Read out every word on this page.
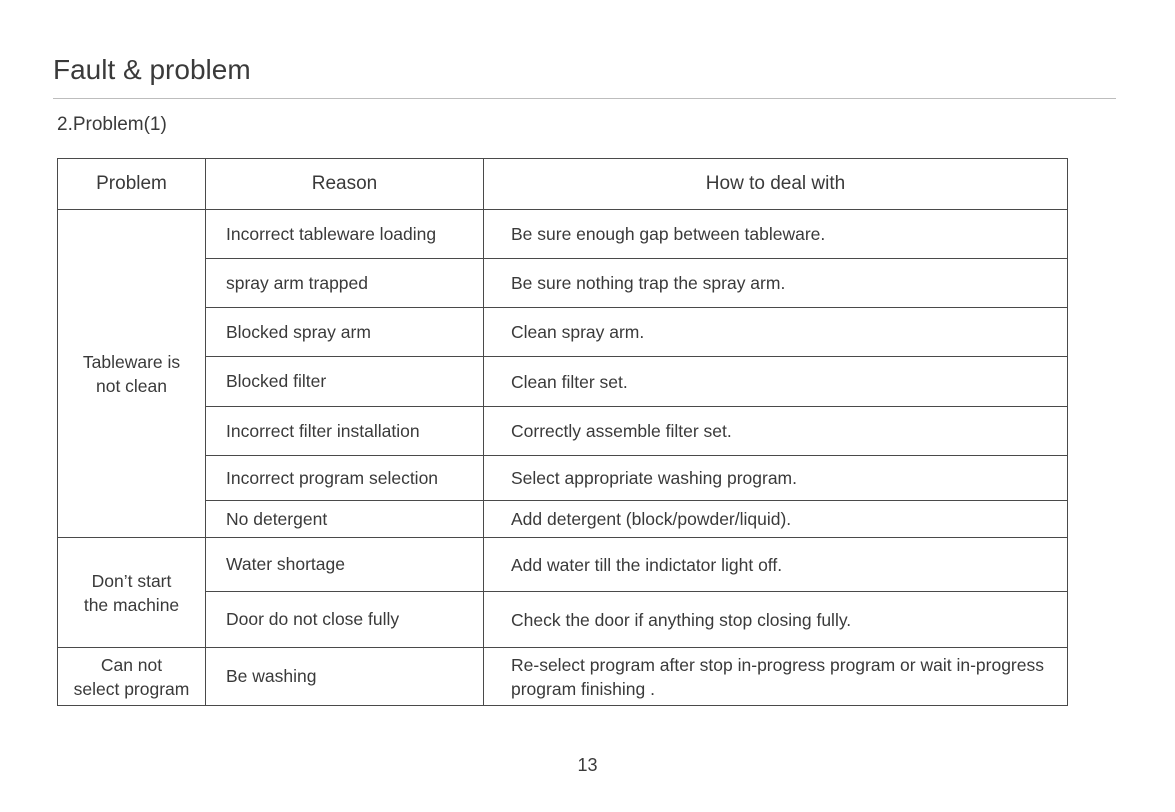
Fault & problem
2.Problem(1)
Problem	Reason	How to deal with
Tableware is
not clean	Incorrect tableware loading	Be sure enough gap between tableware.
	spray arm trapped	Be sure nothing trap the spray arm.
	Blocked spray arm	Clean spray arm.
	Blocked filter	Clean filter set.
	Incorrect filter installation	Correctly assemble filter set.
	Incorrect program selection	Select appropriate washing program.
	No detergent	Add detergent (block/powder/liquid).
Don’t start
the machine	Water shortage	Add water till the indictator light off.
	Door do not close fully	Check the door if anything stop closing fully.
Can not
select program	Be washing	Re-select program after stop in-progress program or wait in-progress program finishing .
13
